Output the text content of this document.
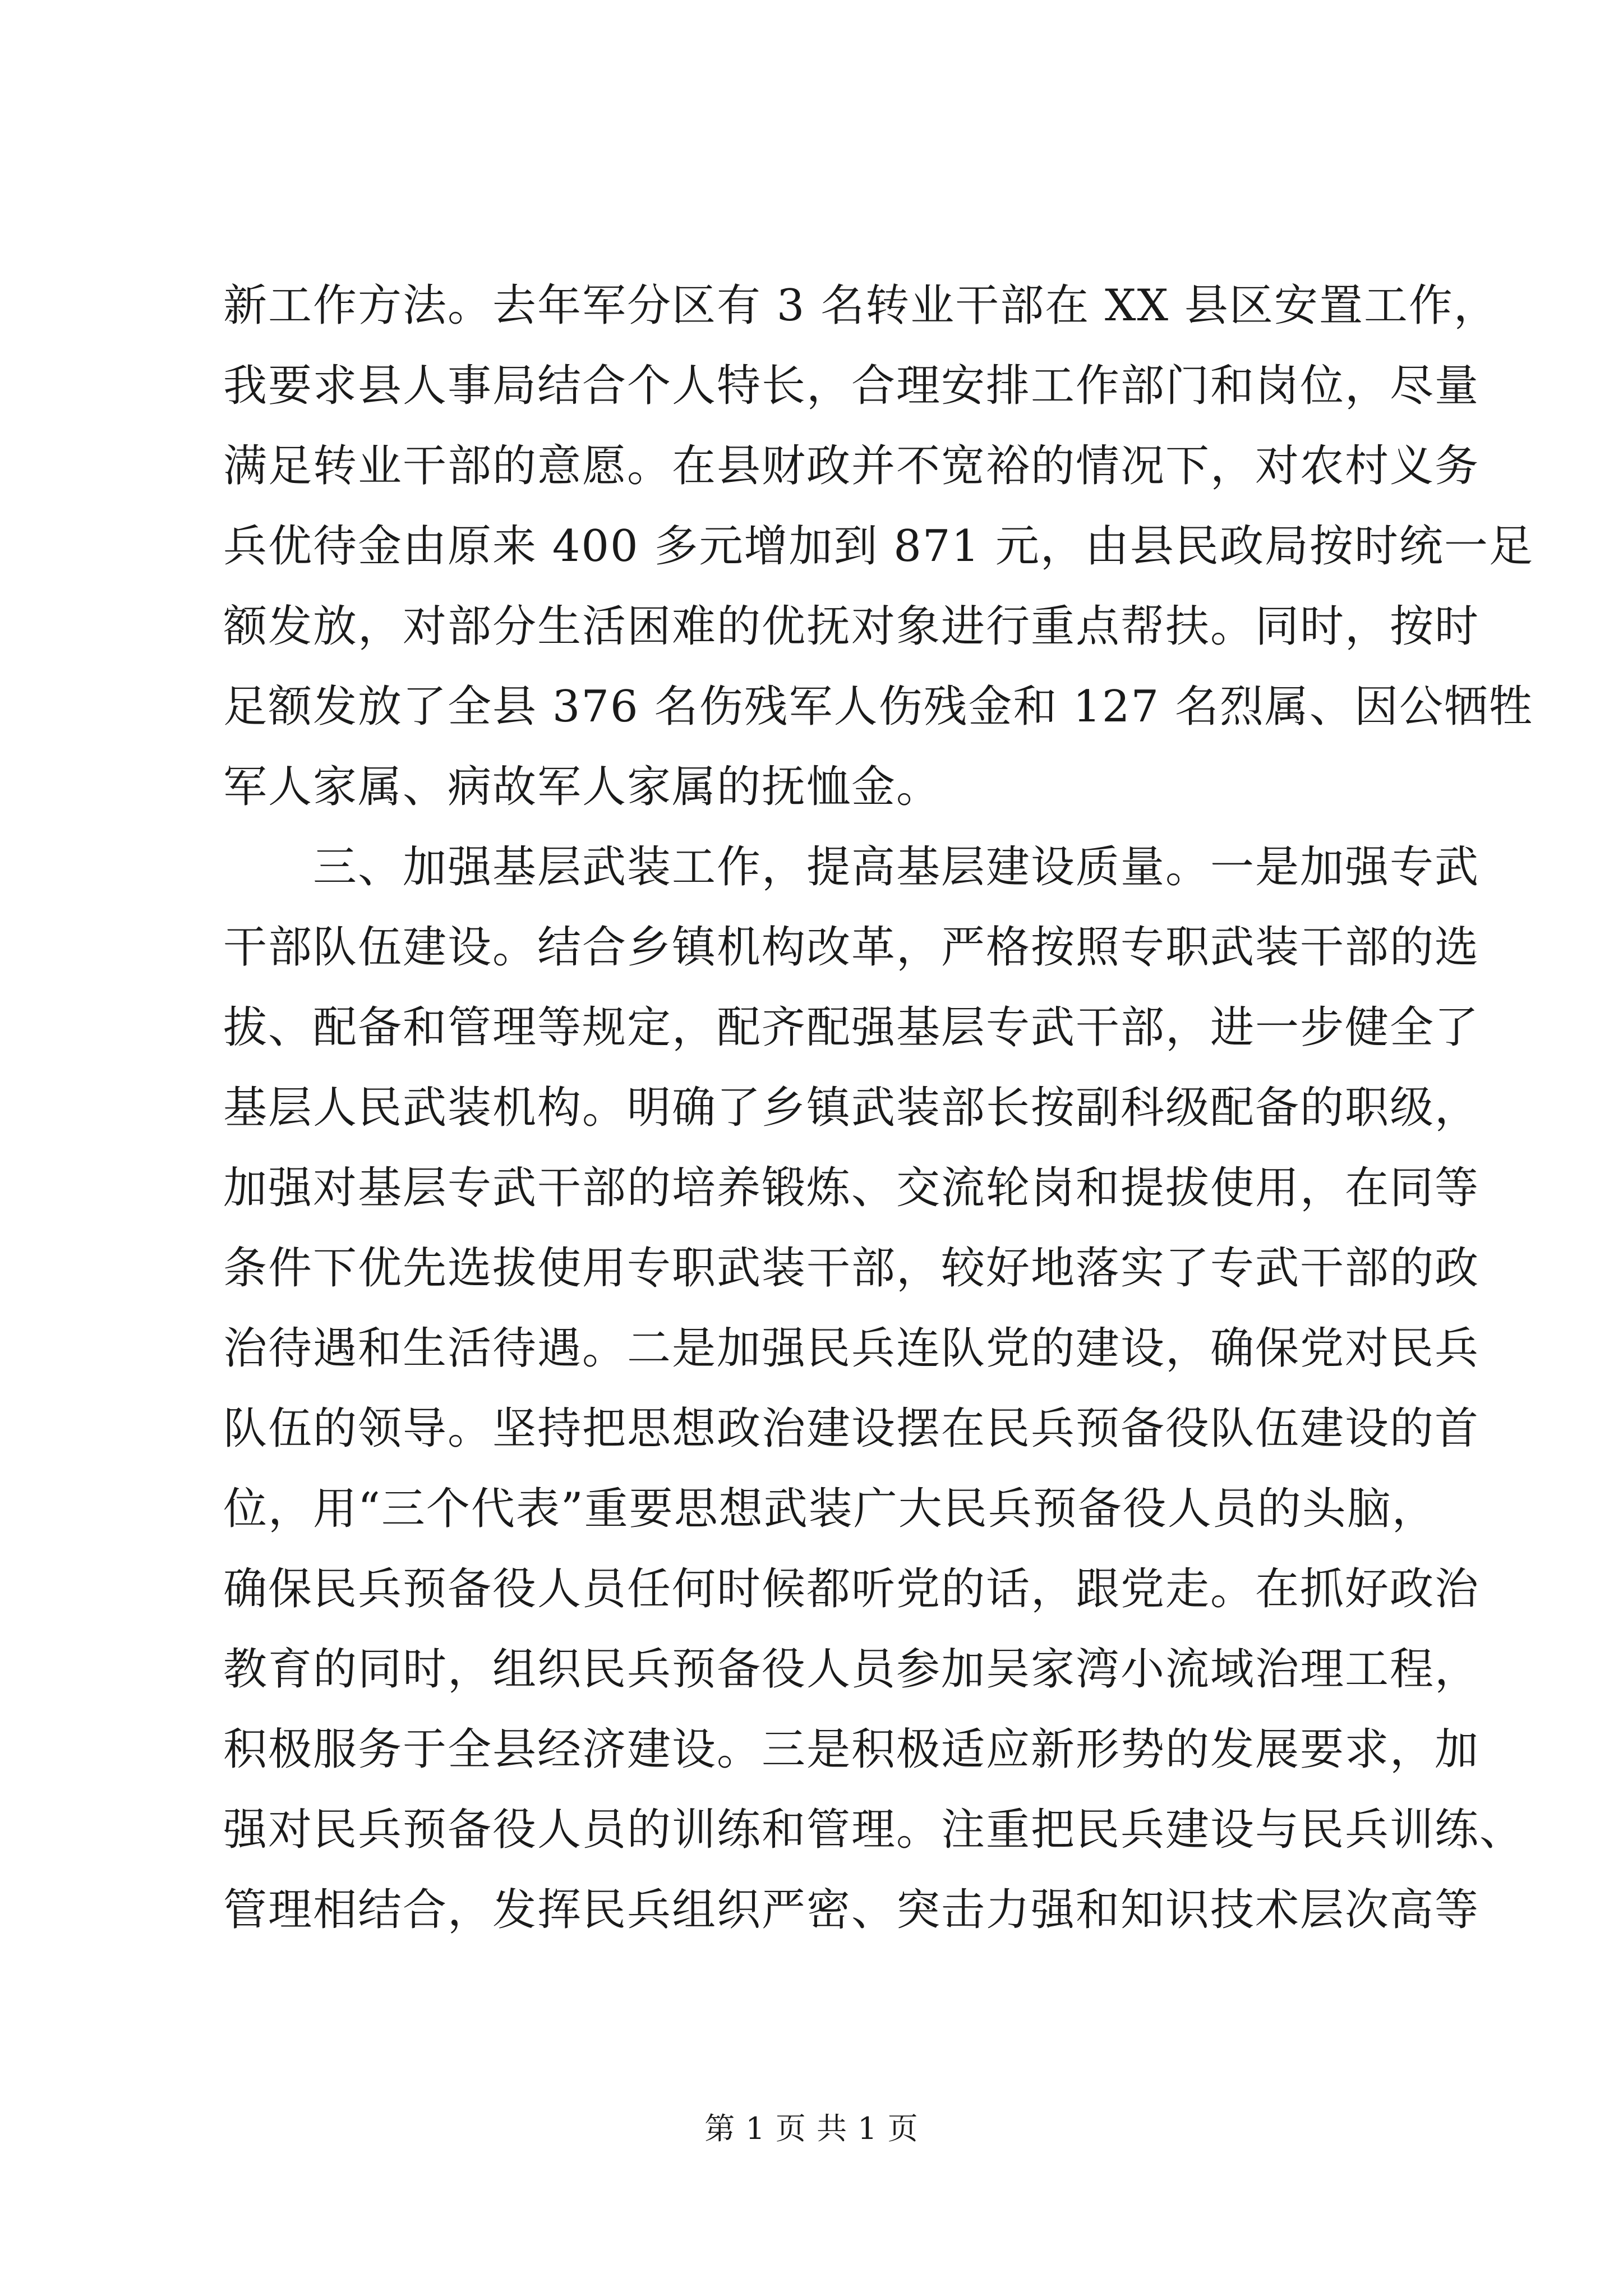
新工作方法。去年军分区有 3 名转业干部在 XX 县区安置工作，
我要求县人事局结合个人特长，合理安排工作部门和岗位，尽量
满足转业干部的意愿。在县财政并不宽裕的情况下，对农村义务
兵优待金由原来 400 多元增加到 871 元，由县民政局按时统一足
额发放，对部分生活困难的优抚对象进行重点帮扶。同时，按时
足额发放了全县 376 名伤残军人伤残金和 127 名烈属、因公牺牲
军人家属、病故军人家属的抚恤金。
　　三、加强基层武装工作，提高基层建设质量。一是加强专武
干部队伍建设。结合乡镇机构改革，严格按照专职武装干部的选
拔、配备和管理等规定，配齐配强基层专武干部，进一步健全了
基层人民武装机构。明确了乡镇武装部长按副科级配备的职级，
加强对基层专武干部的培养锻炼、交流轮岗和提拔使用，在同等
条件下优先选拔使用专职武装干部，较好地落实了专武干部的政
治待遇和生活待遇。二是加强民兵连队党的建设，确保党对民兵
队伍的领导。坚持把思想政治建设摆在民兵预备役队伍建设的首
位，用“三个代表”重要思想武装广大民兵预备役人员的头脑，
确保民兵预备役人员任何时候都听党的话，跟党走。在抓好政治
教育的同时，组织民兵预备役人员参加吴家湾小流域治理工程，
积极服务于全县经济建设。三是积极适应新形势的发展要求，加
强对民兵预备役人员的训练和管理。注重把民兵建设与民兵训练、
管理相结合，发挥民兵组织严密、突击力强和知识技术层次高等
第 1 页 共 1 页
